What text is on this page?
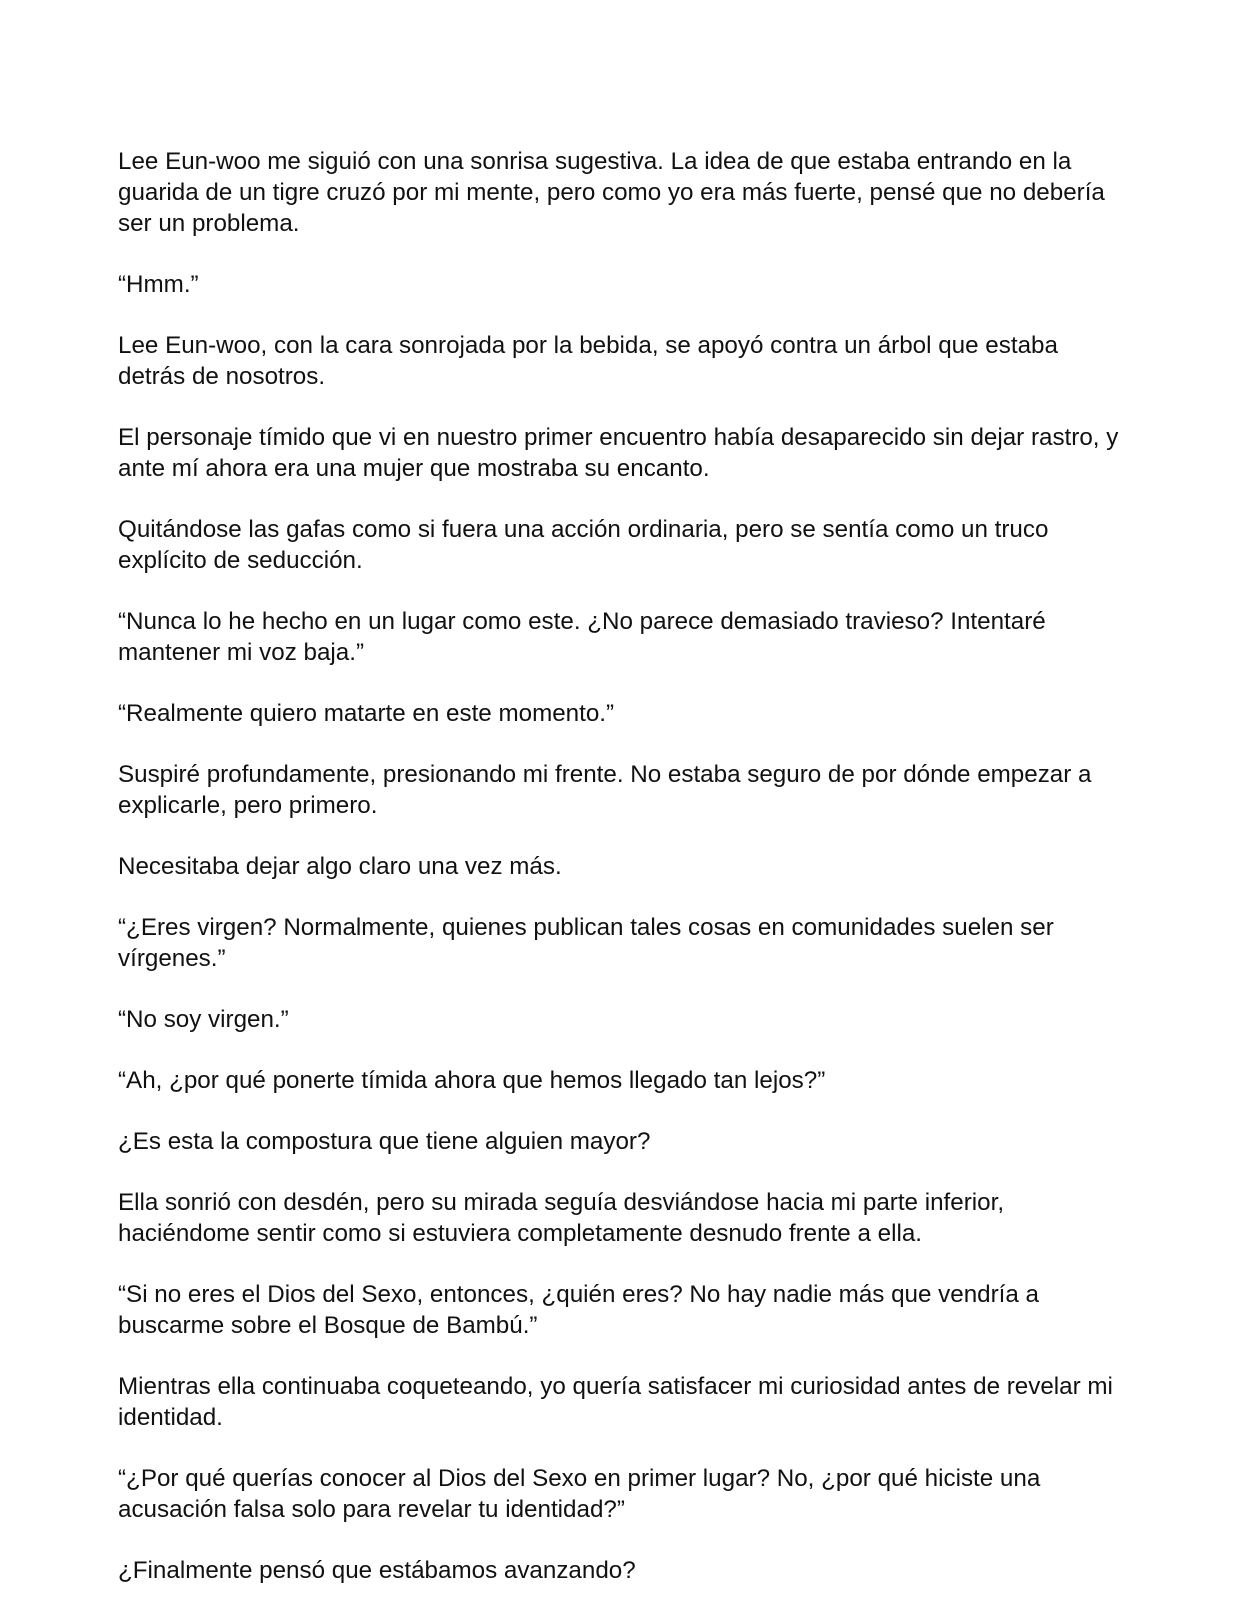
Lee Eun-woo me siguió con una sonrisa sugestiva. La idea de que estaba entrando en la guarida de un tigre cruzó por mi mente, pero como yo era más fuerte, pensé que no debería ser un problema.

“Hmm.”

Lee Eun-woo, con la cara sonrojada por la bebida, se apoyó contra un árbol que estaba detrás de nosotros.

El personaje tímido que vi en nuestro primer encuentro había desaparecido sin dejar rastro, y ante mí ahora era una mujer que mostraba su encanto.

Quitándose las gafas como si fuera una acción ordinaria, pero se sentía como un truco explícito de seducción.

“Nunca lo he hecho en un lugar como este. ¿No parece demasiado travieso? Intentaré mantener mi voz baja.”

“Realmente quiero matarte en este momento.”

Suspiré profundamente, presionando mi frente. No estaba seguro de por dónde empezar a explicarle, pero primero.

Necesitaba dejar algo claro una vez más.

“¿Eres virgen? Normalmente, quienes publican tales cosas en comunidades suelen ser vírgenes.”

“No soy virgen.”

“Ah, ¿por qué ponerte tímida ahora que hemos llegado tan lejos?”

¿Es esta la compostura que tiene alguien mayor?

Ella sonrió con desdén, pero su mirada seguía desviándose hacia mi parte inferior, haciéndome sentir como si estuviera completamente desnudo frente a ella.

“Si no eres el Dios del Sexo, entonces, ¿quién eres? No hay nadie más que vendría a buscarme sobre el Bosque de Bambú.”

Mientras ella continuaba coqueteando, yo quería satisfacer mi curiosidad antes de revelar mi identidad.

“¿Por qué querías conocer al Dios del Sexo en primer lugar? No, ¿por qué hiciste una acusación falsa solo para revelar tu identidad?”

¿Finalmente pensó que estábamos avanzando?
